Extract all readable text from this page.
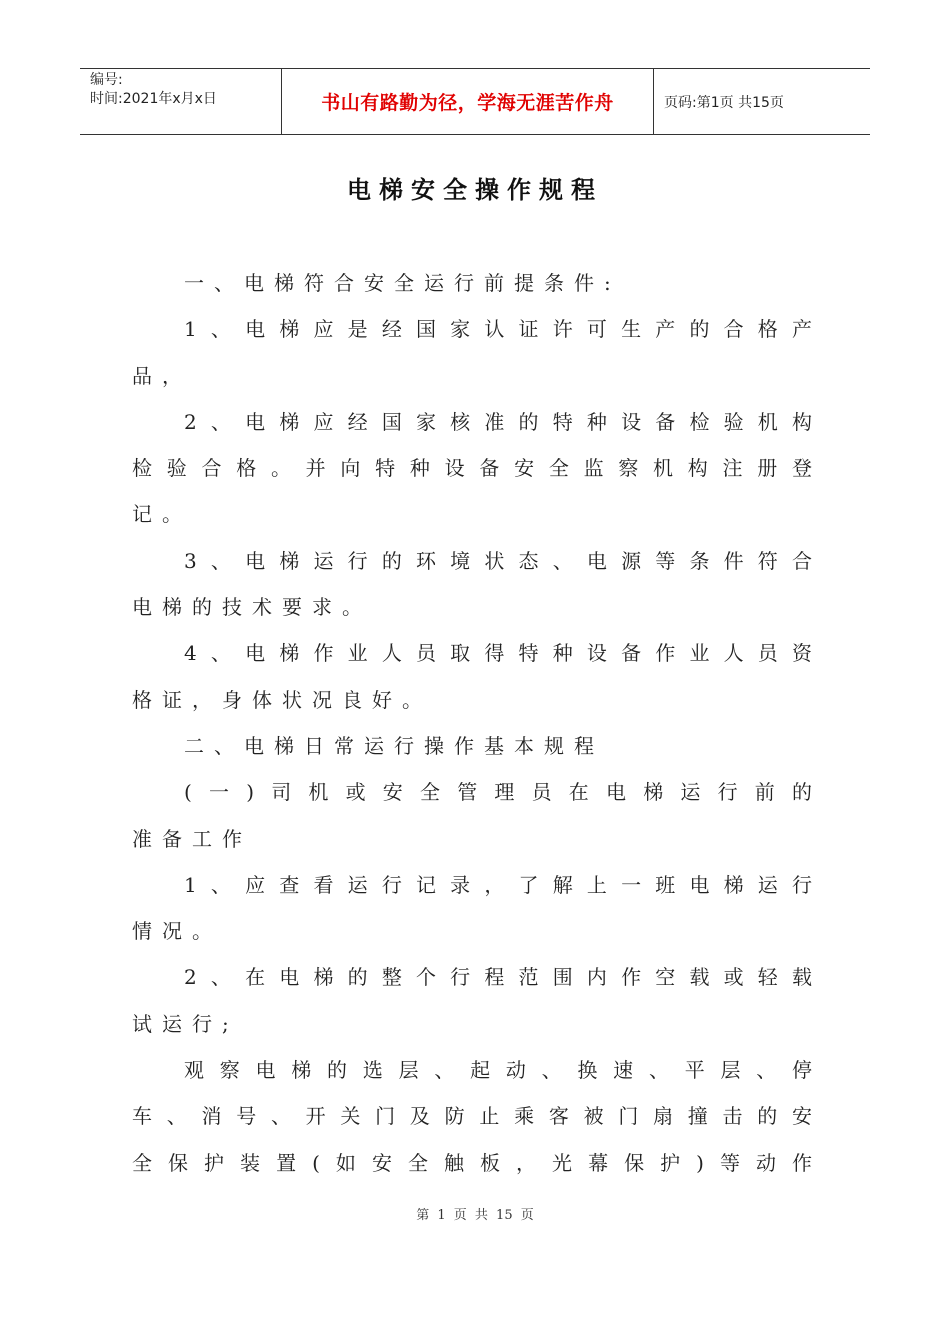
编号:
时间:2021年x月x日	书山有路勤为径，学海无涯苦作舟	页码:第1页 共15页
电梯安全操作规程
一、电梯符合安全运行前提条件:
1、电梯应是经国家认证许可生产的合格产
品，
2、电梯应经国家核准的特种设备检验机构
检验合格。并向特种设备安全监察机构注册登
记。
3、电梯运行的环境状态、电源等条件符合
电梯的技术要求。
4、电梯作业人员取得特种设备作业人员资
格证，身体状况良好。
二、电梯日常运行操作基本规程
(一)司机或安全管理员在电梯运行前的
准备工作
1、应查看运行记录，了解上一班电梯运行
情况。
2、在电梯的整个行程范围内作空载或轻载
试运行;
观察电梯的选层、起动、换速、平层、停
车、消号、开关门及防止乘客被门扇撞击的安
全保护装置(如安全触板，光幕保护)等动作
第 1 页 共 15 页
